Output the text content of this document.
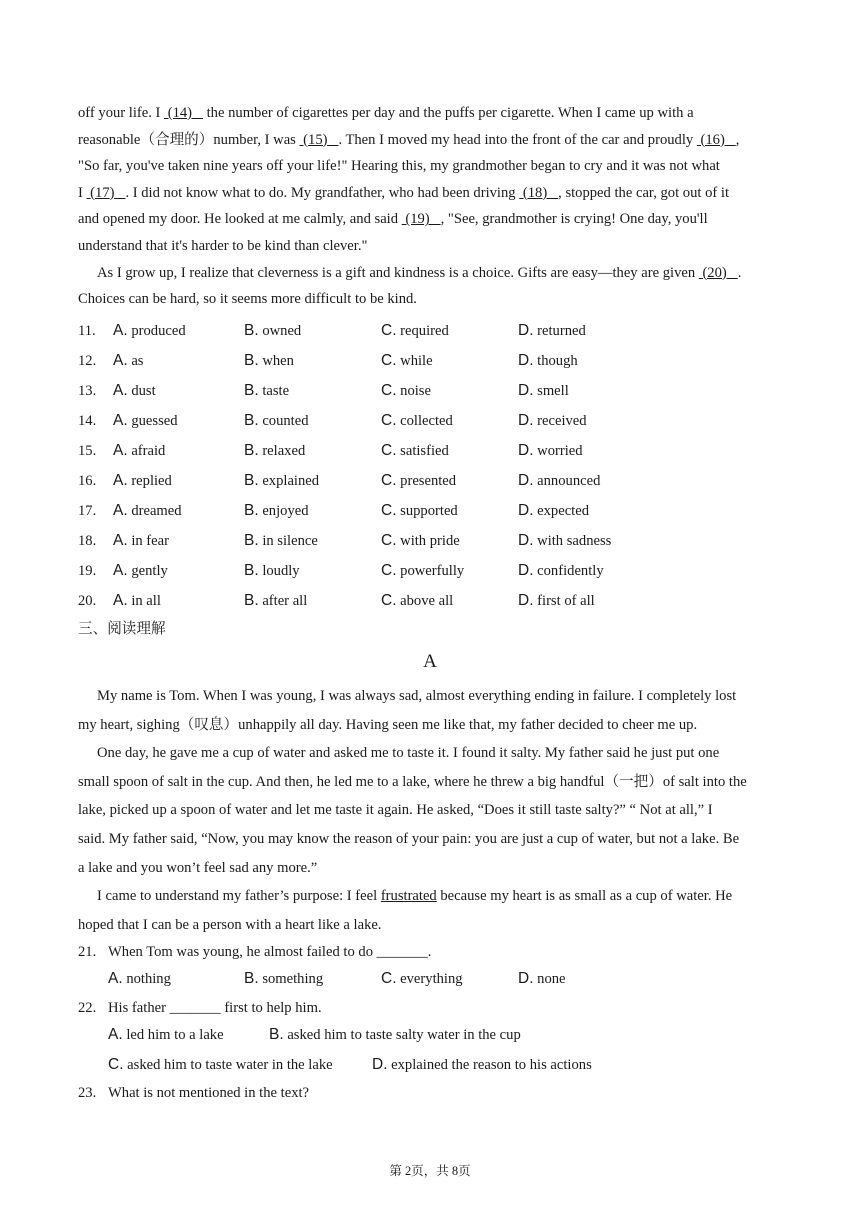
off your life. I  (14)    the number of cigarettes per day and the puffs per cigarette. When I came up with a
reasonable（合理的）number, I was  (15)   . Then I moved my head into the front of the car and proudly  (16)   ,
"So far, you've taken nine years off your life!" Hearing this, my grandmother began to cry and it was not what
I  (17)   . I did not know what to do. My grandfather, who had been driving  (18)   , stopped the car, got out of it
and opened my door. He looked at me calmly, and said  (19)   , "See, grandmother is crying! One day, you'll
understand that it's harder to be kind than clever."
As I grow up, I realize that cleverness is a gift and kindness is a choice. Gifts are easy—they are given  (20)   .
Choices can be hard, so it seems more difficult to be kind.

11. A. produced	B. owned	C. required	D. returned
12. A. as	B. when	C. while	D. though
13. A. dust	B. taste	C. noise	D. smell
14. A. guessed	B. counted	C. collected	D. received
15. A. afraid	B. relaxed	C. satisfied	D. worried
16. A. replied	B. explained	C. presented	D. announced
17. A. dreamed	B. enjoyed	C. supported	D. expected
18. A. in fear	B. in silence	C. with pride	D. with sadness
19. A. gently	B. loudly	C. powerfully	D. confidently
20. A. in all	B. after all	C. above all	D. first of all
三、阅读理解
A

My name is Tom. When I was young, I was always sad, almost everything ending in failure. I completely lost
my heart, sighing（叹息）unhappily all day. Having seen me like that, my father decided to cheer me up.
One day, he gave me a cup of water and asked me to taste it. I found it salty. My father said he just put one
small spoon of salt in the cup. And then, he led me to a lake, where he threw a big handful（一把）of salt into the
lake, picked up a spoon of water and let me taste it again. He asked, “Does it still taste salty?” “ Not at all,” I
said. My father said, “Now, you may know the reason of your pain: you are just a cup of water, but not a lake. Be
a lake and you won’t feel sad any more.”
I came to understand my father’s purpose: I feel frustrated because my heart is as small as a cup of water. He
hoped that I can be a person with a heart like a lake.

21. When Tom was young, he almost failed to do _______.
A. nothing	B. something	C. everything	D. none
22. His father _______ first to help him.
A. led him to a lake	B. asked him to taste salty water in the cup
C. asked him to taste water in the lake	D. explained the reason to his actions
23. What is not mentioned in the text?
第 2页，共 8页
